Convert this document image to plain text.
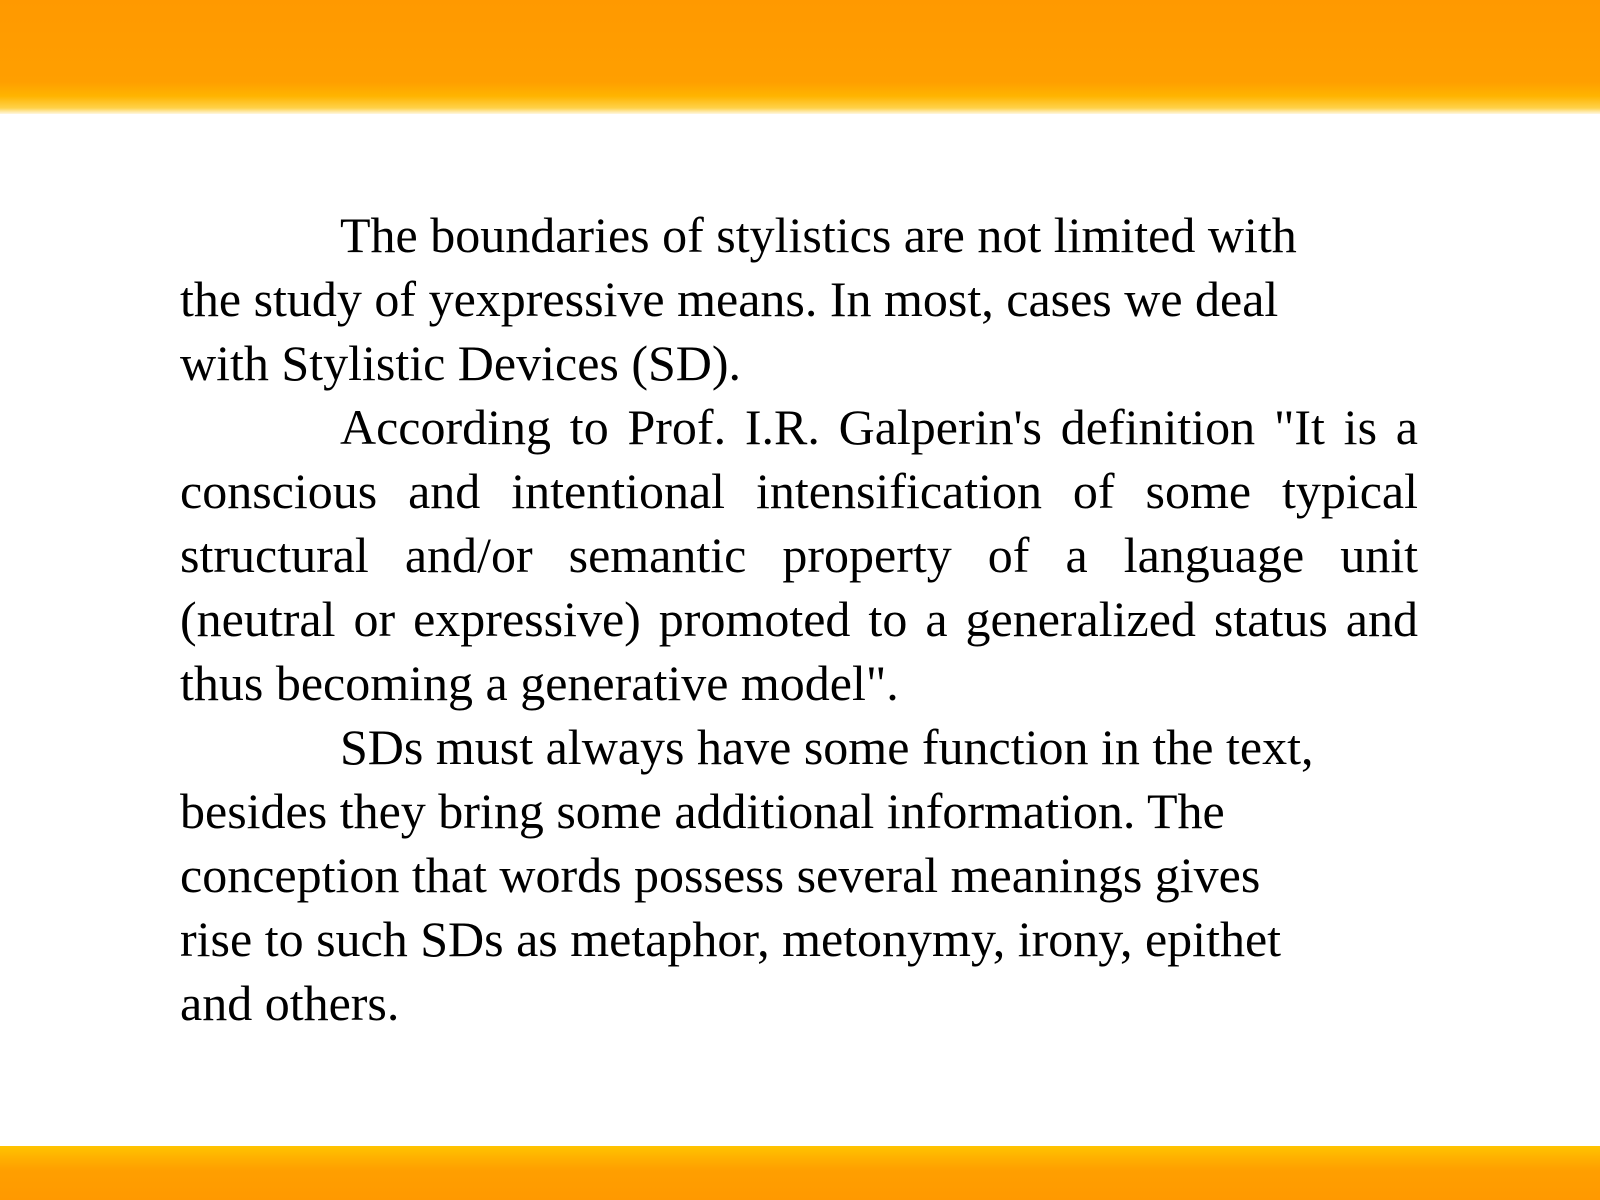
The boundaries of stylistics are not limited with
the study of yexpressive means. In most, cases we deal
with Stylistic Devices (SD).

According to Prof. I.R. Galperin's definition "It is a conscious and intentional intensification of some typical structural and/or semantic property of a language unit (neutral or expressive) promoted to a generalized status and thus becoming a generative model".

SDs must always have some function in the text,
besides they bring some additional information. The
conception that words possess several meanings gives
rise to such SDs as metaphor, metonymy, irony, epithet
and others.
